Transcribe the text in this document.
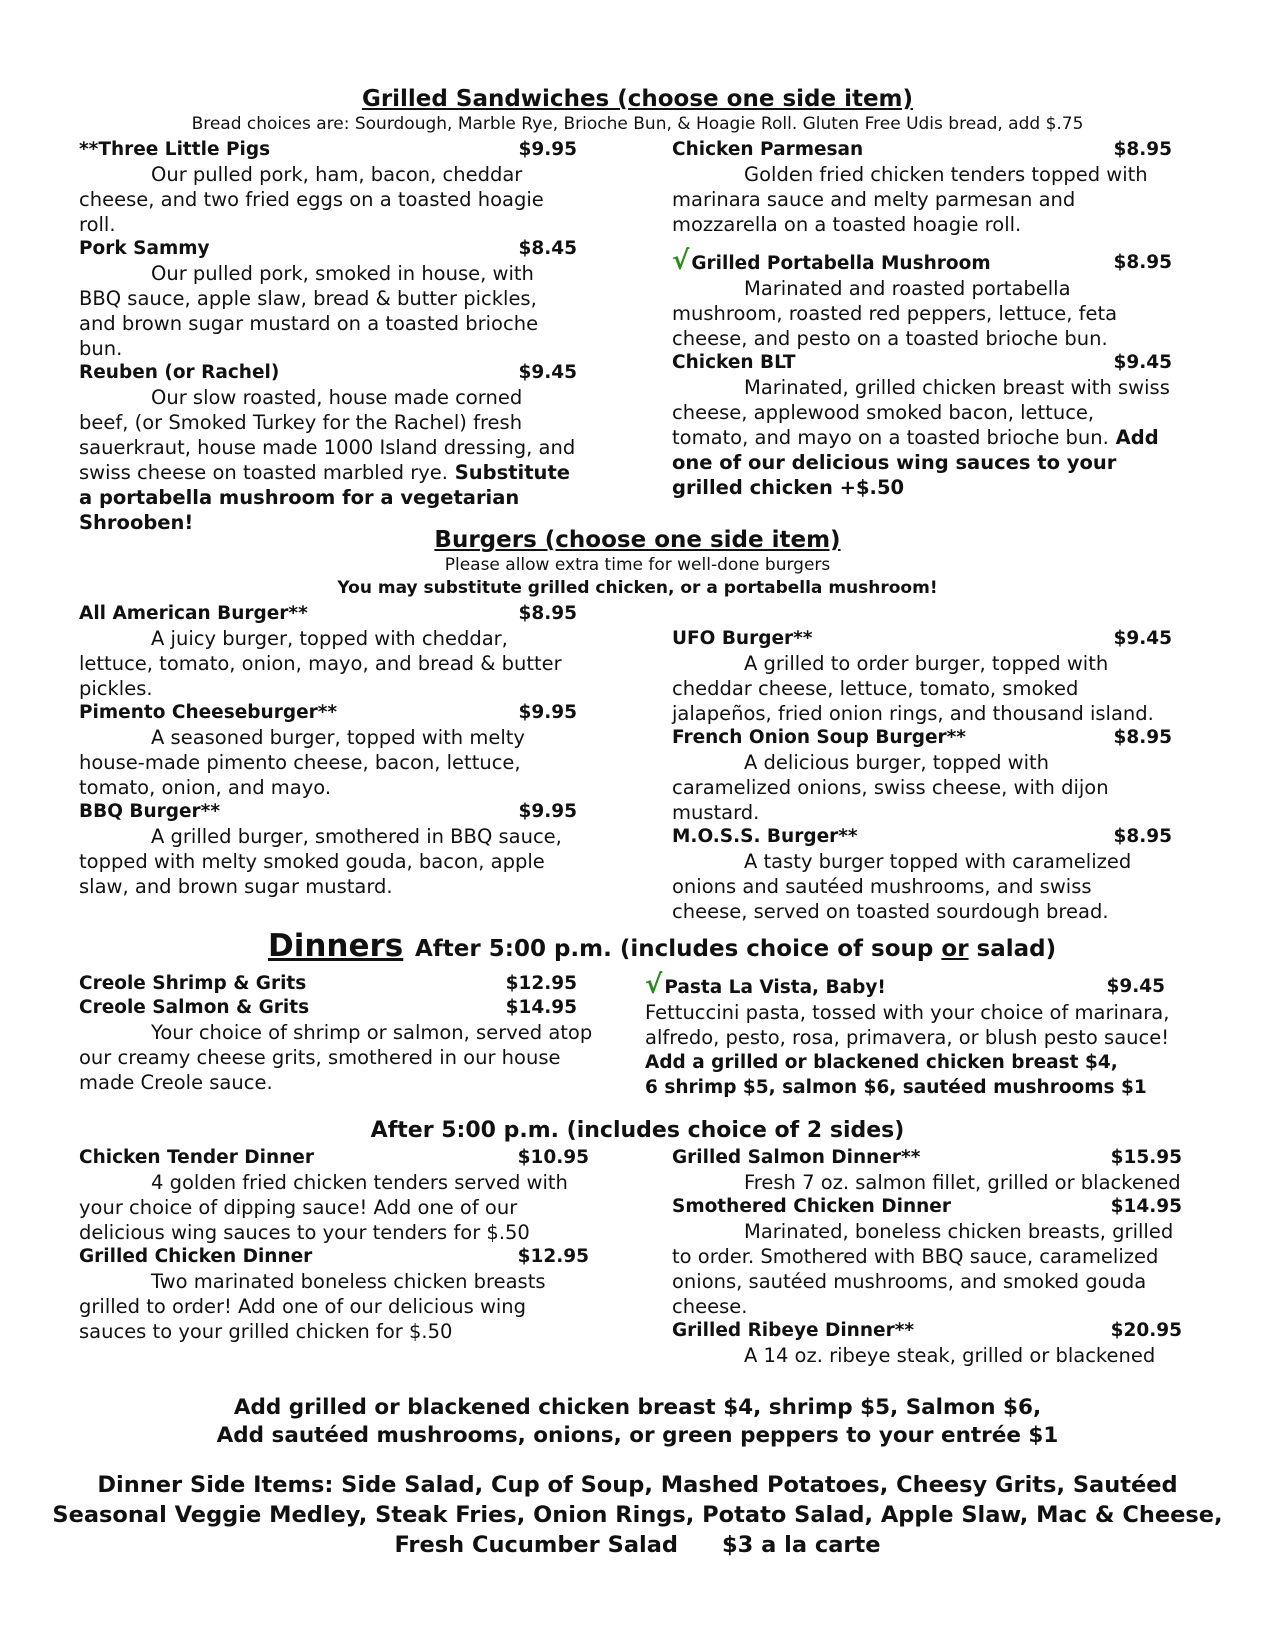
Grilled Sandwiches (choose one side item)
Bread choices are: Sourdough, Marble Rye, Brioche Bun, & Hoagie Roll. Gluten Free Udis bread, add $.75
**Three Little Pigs	$9.95

Our pulled pork, ham, bacon, cheddar cheese, and two fried eggs on a toasted hoagie roll.

Pork Sammy	$8.45

Our pulled pork, smoked in house, with BBQ sauce, apple slaw, bread & butter pickles, and brown sugar mustard on a toasted brioche bun.

Reuben (or Rachel)	$9.45

Our slow roasted, house made corned beef, (or Smoked Turkey for the Rachel) fresh sauerkraut, house made 1000 Island dressing, and swiss cheese on toasted marbled rye. Substitute a portabella mushroom for a vegetarian Shrooben!

Chicken Parmesan	$8.95

Golden fried chicken tenders topped with marinara sauce and melty parmesan and mozzarella on a toasted hoagie roll.

√ Grilled Portabella Mushroom	$8.95

Marinated and roasted portabella mushroom, roasted red peppers, lettuce, feta cheese, and pesto on a toasted brioche bun.

Chicken BLT	$9.45

Marinated, grilled chicken breast with swiss cheese, applewood smoked bacon, lettuce, tomato, and mayo on a toasted brioche bun. Add one of our delicious wing sauces to your grilled chicken +$.50

Burgers (choose one side item)
Please allow extra time for well-done burgers
You may substitute grilled chicken, or a portabella mushroom!
All American Burger**	$8.95

A juicy burger, topped with cheddar, lettuce, tomato, onion, mayo, and bread & butter pickles.

Pimento Cheeseburger**	$9.95

A seasoned burger, topped with melty house-made pimento cheese, bacon, lettuce, tomato, onion, and mayo.

BBQ Burger**	$9.95

A grilled burger, smothered in BBQ sauce, topped with melty smoked gouda, bacon, apple slaw, and brown sugar mustard.

UFO Burger**	$9.45

A grilled to order burger, topped with cheddar cheese, lettuce, tomato, smoked jalapeños, fried onion rings, and thousand island.

French Onion Soup Burger**	$8.95

A delicious burger, topped with caramelized onions, swiss cheese, with dijon mustard.

M.O.S.S. Burger**	$8.95

A tasty burger topped with caramelized onions and sautéed mushrooms, and swiss cheese, served on toasted sourdough bread.

Dinners After 5:00 p.m. (includes choice of soup or salad)
Creole Shrimp & Grits	$12.95
Creole Salmon & Grits	$14.95

Your choice of shrimp or salmon, served atop our creamy cheese grits, smothered in our house made Creole sauce.

√ Pasta La Vista, Baby!	$9.45

Fettuccini pasta, tossed with your choice of marinara, alfredo, pesto, rosa, primavera, or blush pesto sauce!

Add a grilled or blackened chicken breast $4,
6 shrimp $5, salmon $6, sautéed mushrooms $1
After 5:00 p.m. (includes choice of 2 sides)
Chicken Tender Dinner	$10.95

4 golden fried chicken tenders served with your choice of dipping sauce! Add one of our delicious wing sauces to your tenders for $.50

Grilled Chicken Dinner	$12.95

Two marinated boneless chicken breasts grilled to order! Add one of our delicious wing sauces to your grilled chicken for $.50

Grilled Salmon Dinner**	$15.95

Fresh 7 oz. salmon fillet, grilled or blackened

Smothered Chicken Dinner	$14.95

Marinated, boneless chicken breasts, grilled to order. Smothered with BBQ sauce, caramelized onions, sautéed mushrooms, and smoked gouda cheese.

Grilled Ribeye Dinner**	$20.95

A 14 oz. ribeye steak, grilled or blackened

Add grilled or blackened chicken breast $4, shrimp $5, Salmon $6,
Add sautéed mushrooms, onions, or green peppers to your entrée $1
Dinner Side Items: Side Salad, Cup of Soup, Mashed Potatoes, Cheesy Grits, Sautéed Seasonal Veggie Medley, Steak Fries, Onion Rings, Potato Salad, Apple Slaw, Mac & Cheese, Fresh Cucumber Salad $3 a la carte
